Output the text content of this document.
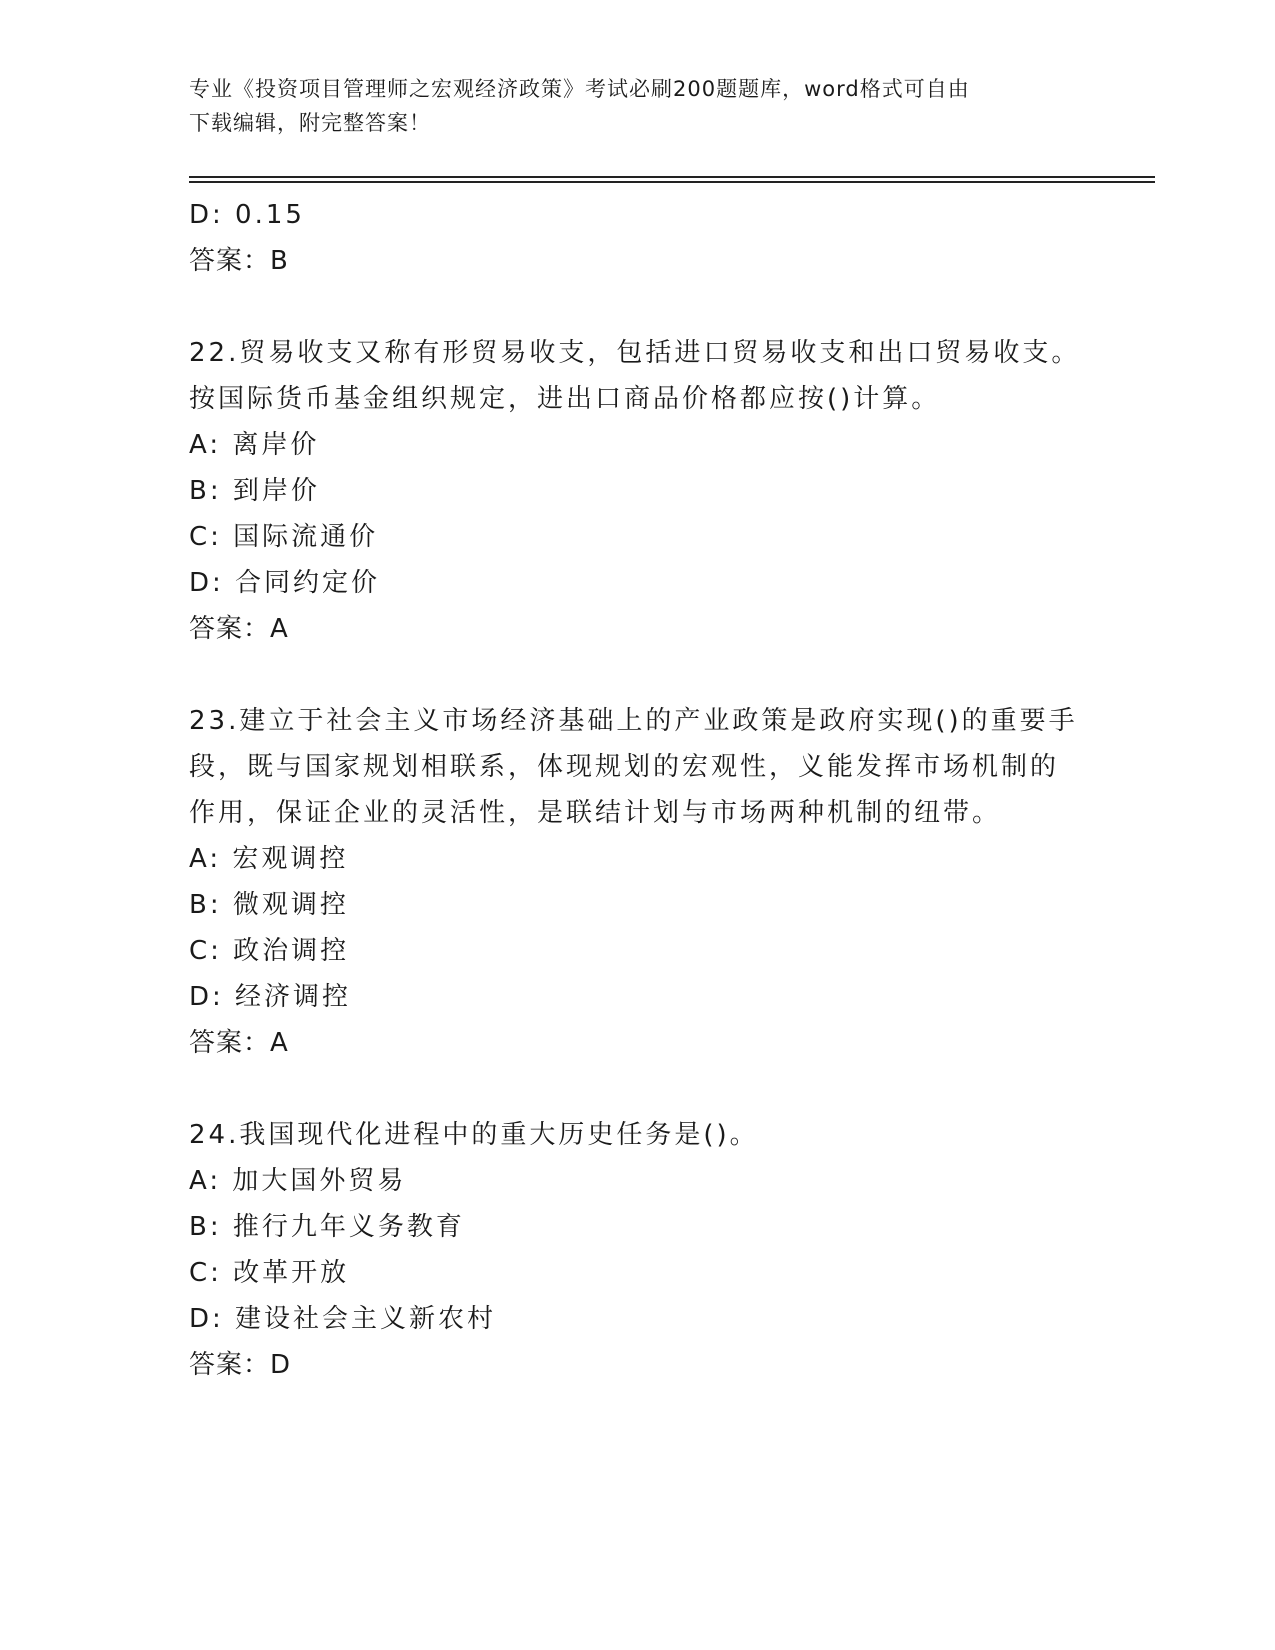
专业《投资项目管理师之宏观经济政策》考试必刷200题题库，word格式可自由
下载编辑，附完整答案！

D: 0.15

答案：B

22.贸易收支又称有形贸易收支，包括进口贸易收支和出口贸易收支。
按国际货币基金组织规定，进出口商品价格都应按()计算。

A: 离岸价

B: 到岸价

C: 国际流通价

D: 合同约定价

答案：A

23.建立于社会主义市场经济基础上的产业政策是政府实现()的重要手
段，既与国家规划相联系，体现规划的宏观性，义能发挥市场机制的
作用，保证企业的灵活性，是联结计划与市场两种机制的纽带。

A: 宏观调控

B: 微观调控

C: 政治调控

D: 经济调控

答案：A

24.我国现代化进程中的重大历史任务是()。

A: 加大国外贸易

B: 推行九年义务教育

C: 改革开放

D: 建设社会主义新农村

答案：D
